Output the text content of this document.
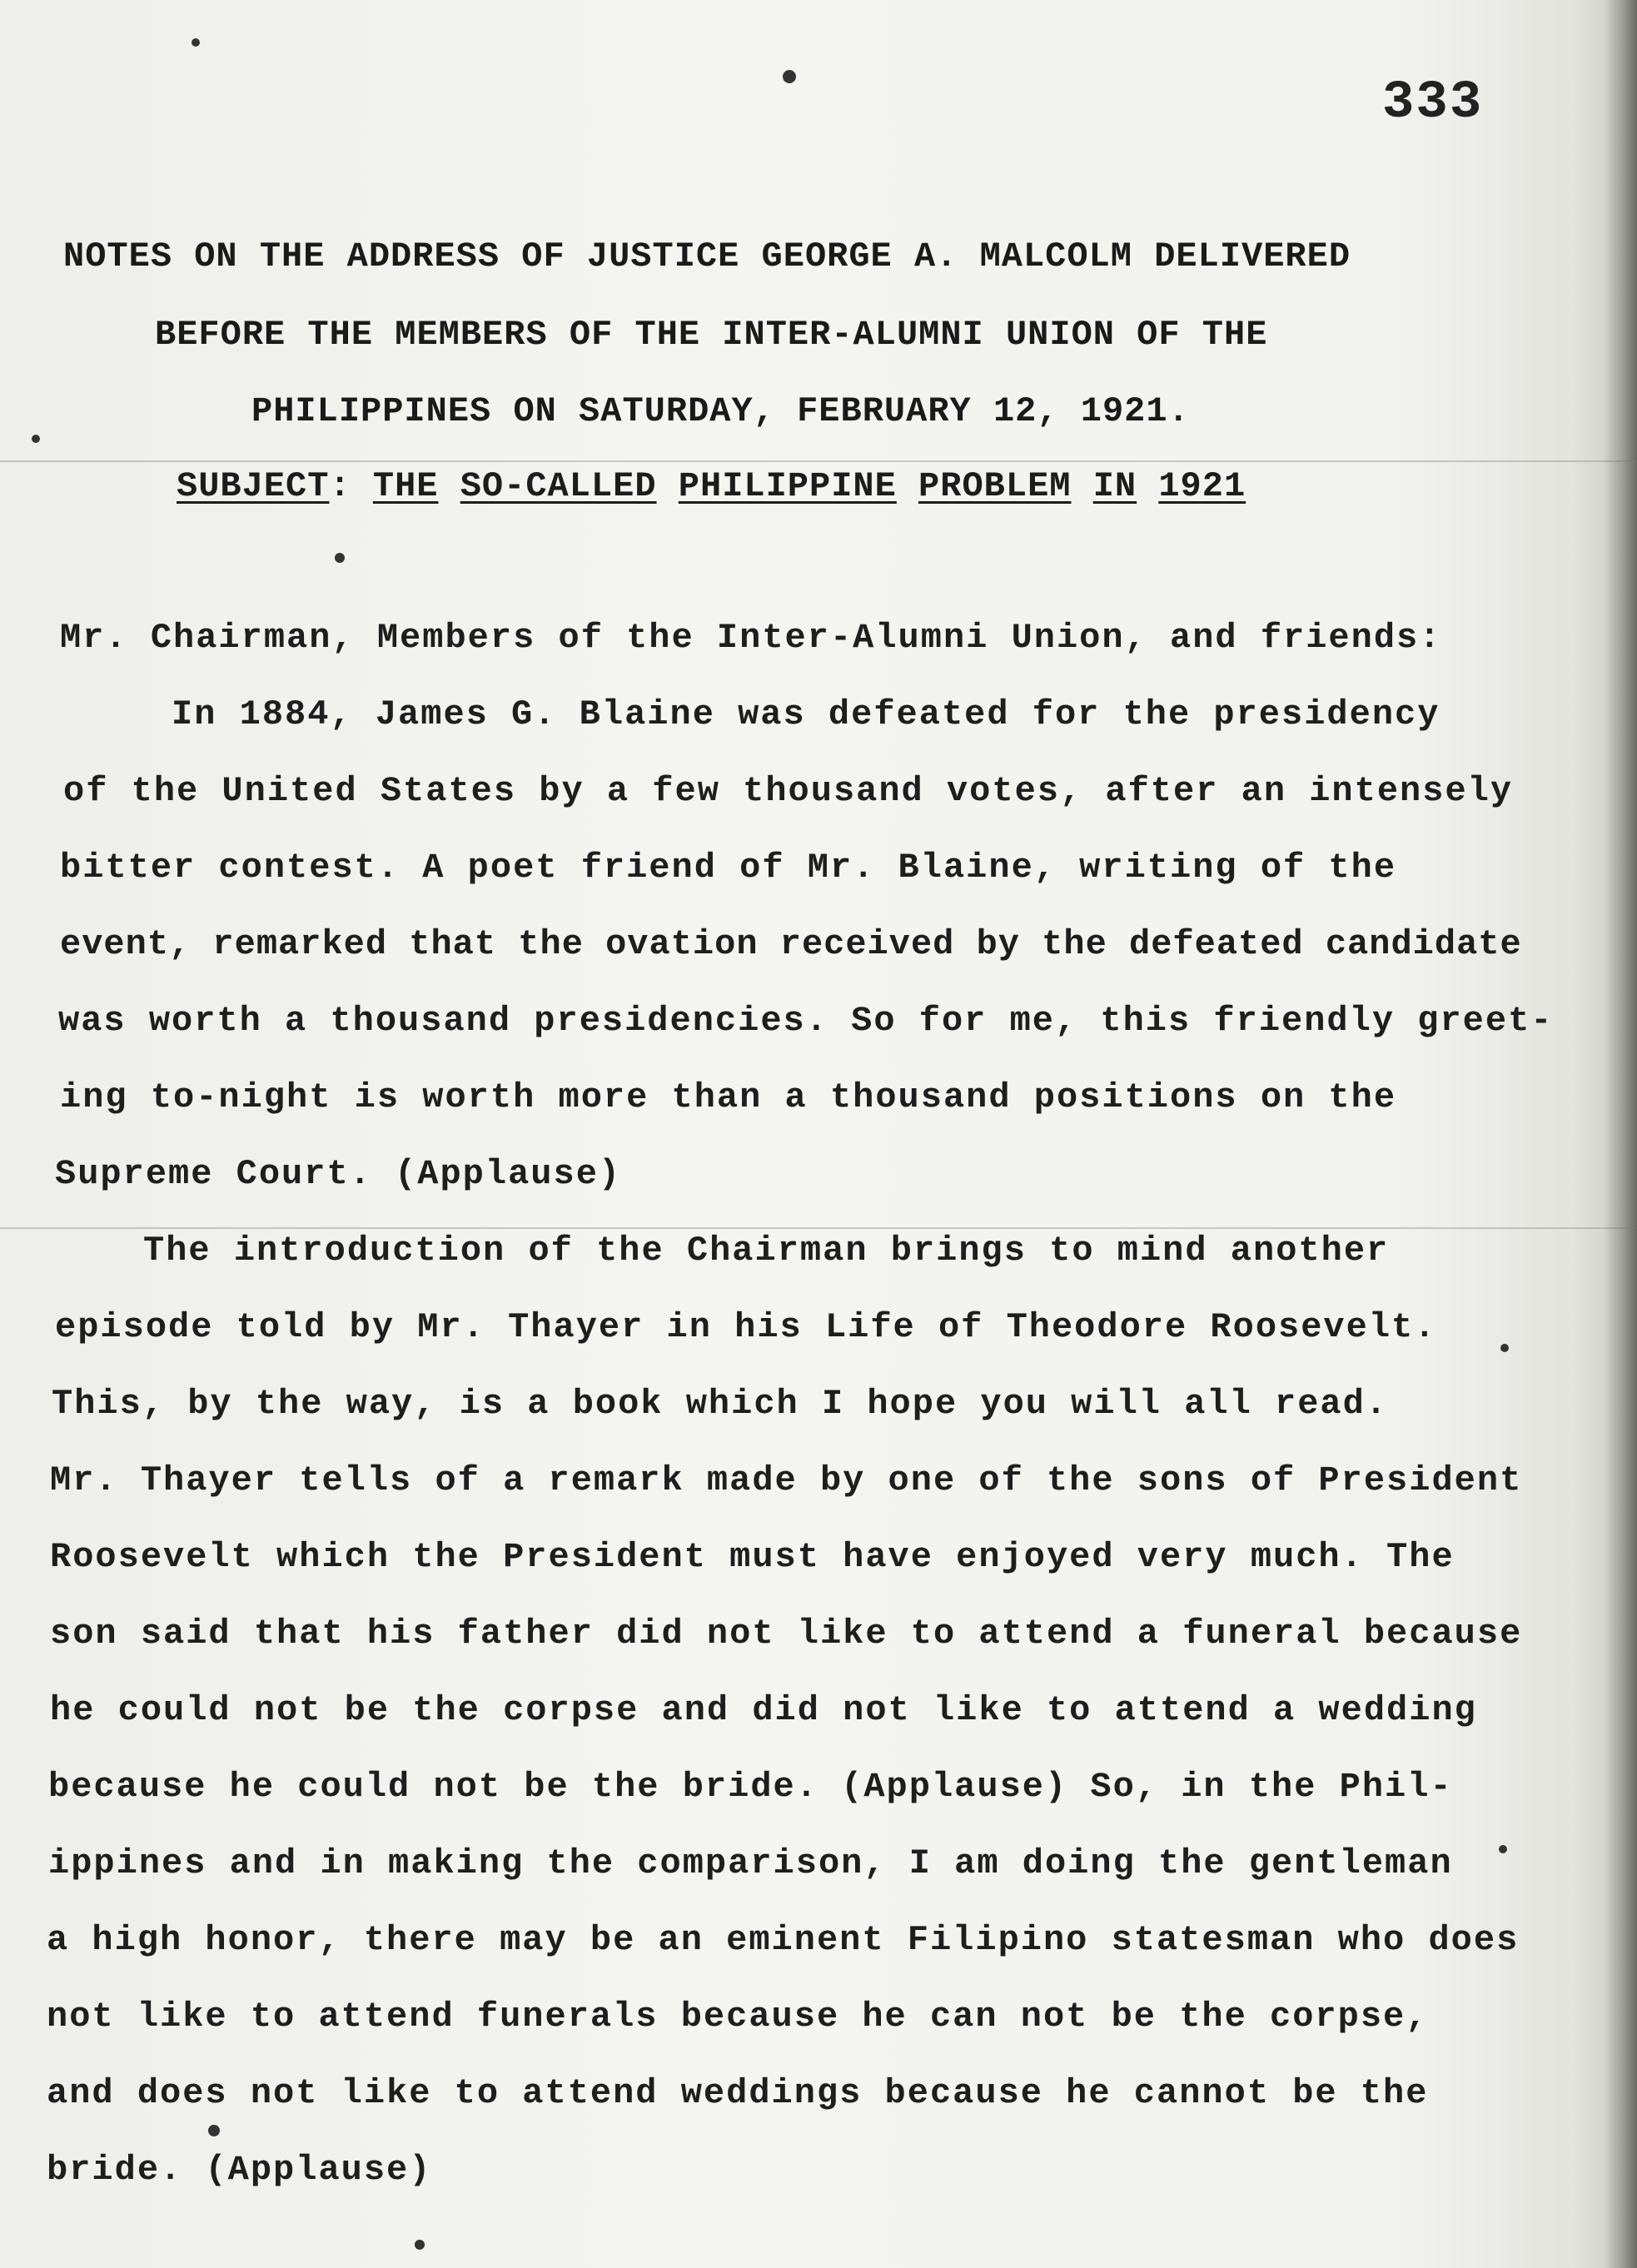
333
NOTES ON THE ADDRESS OF JUSTICE GEORGE A. MALCOLM DELIVERED
BEFORE THE MEMBERS OF THE INTER-ALUMNI UNION OF THE
PHILIPPINES ON SATURDAY, FEBRUARY 12, 1921.
SUBJECT: THE SO-CALLED PHILIPPINE PROBLEM IN 1921
Mr. Chairman, Members of the Inter-Alumni Union, and friends:
In 1884, James G. Blaine was defeated for the presidency
of the United States by a few thousand votes, after an intensely
bitter contest. A poet friend of Mr. Blaine, writing of the
event, remarked that the ovation received by the defeated candidate
was worth a thousand presidencies. So for me, this friendly greet-
ing to-night is worth more than a thousand positions on the
Supreme Court. (Applause)
The introduction of the Chairman brings to mind another
episode told by Mr. Thayer in his Life of Theodore Roosevelt.
This, by the way, is a book which I hope you will all read.
Mr. Thayer tells of a remark made by one of the sons of President
Roosevelt which the President must have enjoyed very much. The
son said that his father did not like to attend a funeral because
he could not be the corpse and did not like to attend a wedding
because he could not be the bride. (Applause) So, in the Phil-
ippines and in making the comparison, I am doing the gentleman
a high honor, there may be an eminent Filipino statesman who does
not like to attend funerals because he can not be the corpse,
and does not like to attend weddings because he cannot be the
bride. (Applause)
